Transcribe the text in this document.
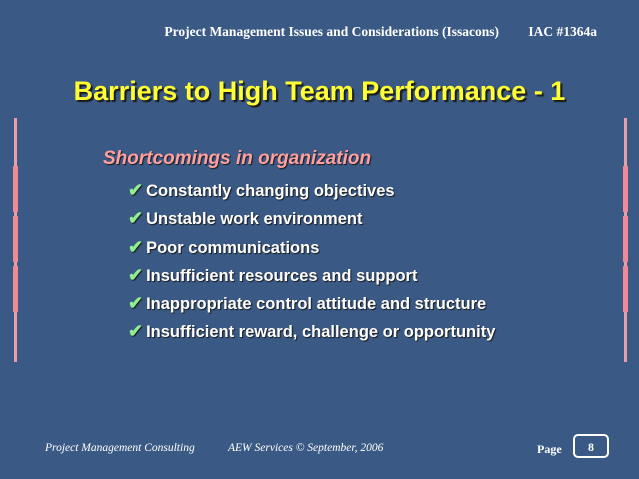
Project Management Issues and Considerations (Issacons) IAC #1364a
Barriers to High Team Performance - 1
Shortcomings in organization
✔ Constantly changing objectives
✔ Unstable work environment
✔ Poor communications
✔ Insufficient resources and support
✔ Inappropriate control attitude and structure
✔ Insufficient reward, challenge or opportunity
Project Management Consulting	AEW Services © September, 2006	Page	8
